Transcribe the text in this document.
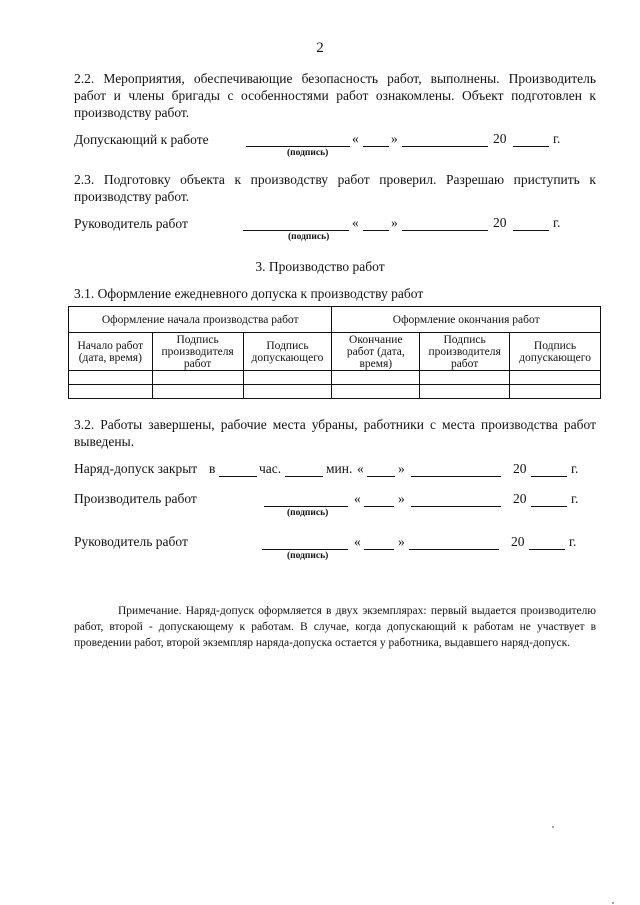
2
2.2. Мероприятия, обеспечивающие безопасность работ, выполнены. Производитель работ и члены бригады с особенностями работ ознакомлены. Объект подготовлен к производству работ.
Допускающий к работе
(подпись)
« »	20	г.
2.3. Подготовку объекта к производству работ проверил. Разрешаю приступить к производству работ.
Руководитель работ
(подпись)
« »	20	г.
3. Производство работ
3.1. Оформление ежедневного допуска к производству работ
Оформление начала производства работ			Оформление окончания работ		
Начало работ (дата, время)	Подпись производителя работ	Подпись допускающего	Окончание работ (дата, время)	Подпись производителя работ	Подпись допускающего

3.2. Работы завершены, рабочие места убраны, работники с места производства работ выведены.
Наряд-допуск закрыт в	час.	мин. «	»	20	г.
Производитель работ
(подпись)
«	»	20	г.
Руководитель работ
(подпись)
«	»	20	г.
Примечание. Наряд-допуск оформляется в двух экземплярах: первый выдается производителю работ, второй - допускающему к работам. В случае, когда допускающий к работам не участвует в проведении работ, второй экземпляр наряда-допуска остается у работника, выдавшего наряд-допуск.
